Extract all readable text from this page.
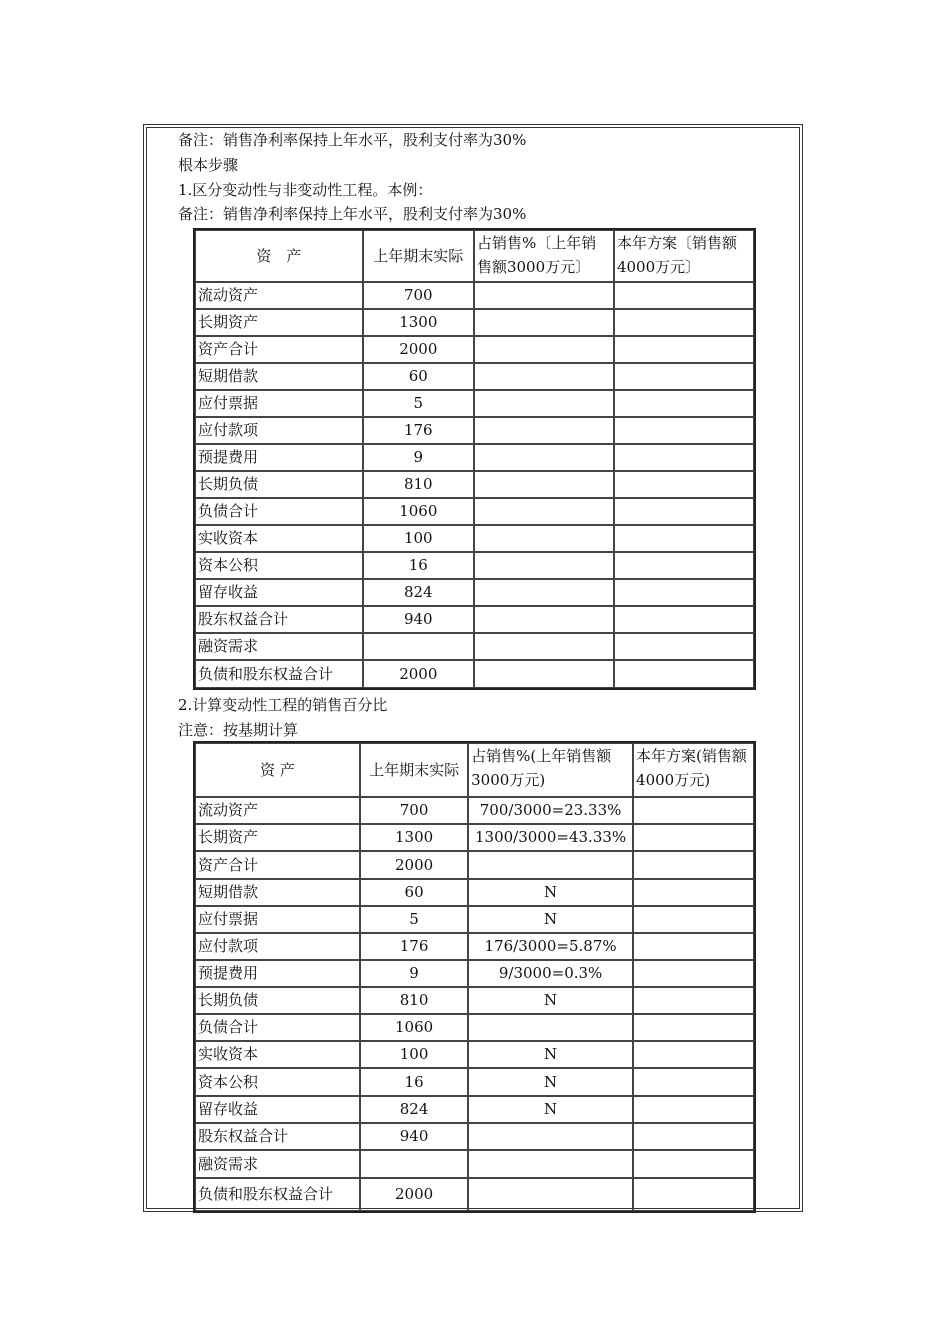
备注：销售净利率保持上年水平，股利支付率为30%
根本步骤
1.区分变动性与非变动性工程。本例：
备注：销售净利率保持上年水平，股利支付率为30%
资　产	上年期末实际	占销售%〔上年销售额3000万元〕	本年方案〔销售额4000万元〕
流动资产	700		
长期资产	1300		
资产合计	2000		
短期借款	60		
应付票据	5		
应付款项	176		
预提费用	9		
长期负债	810		
负债合计	1060		
实收资本	100		
资本公积	16		
留存收益	824		
股东权益合计	940		
融资需求			
负债和股东权益合计	2000		
2.计算变动性工程的销售百分比
注意：按基期计算
资 产	上年期末实际	占销售%(上年销售额3000万元)	本年方案(销售额4000万元)
流动资产	700	700/3000=23.33%	
长期资产	1300	1300/3000=43.33%	
资产合计	2000		
短期借款	60	N	
应付票据	5	N	
应付款项	176	176/3000=5.87%	
预提费用	9	9/3000=0.3%	
长期负债	810	N	
负债合计	1060		
实收资本	100	N	
资本公积	16	N	
留存收益	824	N	
股东权益合计	940		
融资需求			
负债和股东权益合计	2000		
